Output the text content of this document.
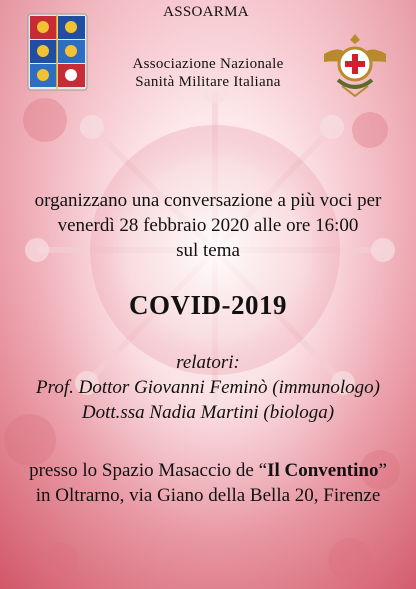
ASSOARMA
Associazione Nazionale
Sanità Militare Italiana
organizzano una conversazione a più voci per
venerdì 28 febbraio 2020 alle ore 16:00
sul tema
COVID-2019
relatori:
Prof. Dottor Giovanni Feminò (immunologo)
Dott.ssa Nadia Martini (biologa)
presso lo Spazio Masaccio de “Il Conventino”
in Oltrarno, via Giano della Bella 20, Firenze
